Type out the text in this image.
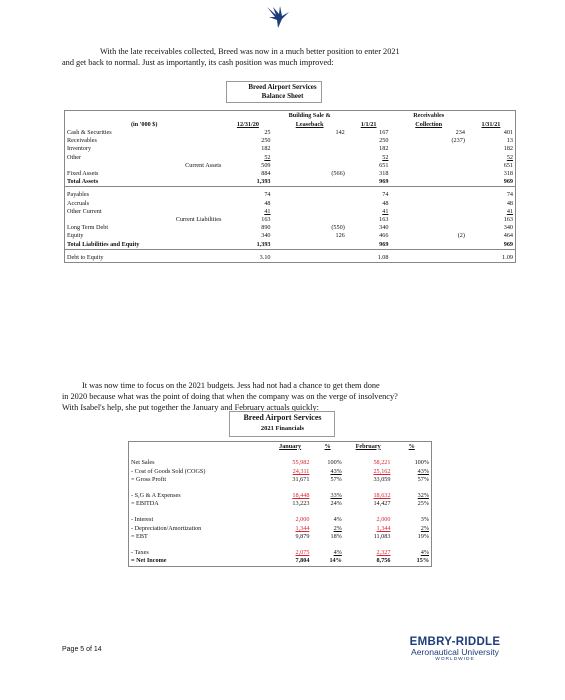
With the late receivables collected, Breed was now in a much better position to enter 2021
and get back to normal. Just as importantly, its cash position was much improved:

Breed Airport Services
Balance Sheet
		Building Sale &		Receivables	
(in '000 $)	12/31/20	Leaseback	1/1/21	Collection	1/31/21
Cash & Securities	25	142	167	234	401
Receivables	250		250	(237)	13
Inventory	182		182		182
Other	52		52		52
Current Assets	509		651		651
Fixed Assets	884	(566)	318		318
Total Assets	1,393		969		969

Payables	74		74		74
Accruals	48		48		48
Other Current	41		41		41
Current Liabilities	163		163		163
Long Term Debt	890	(550)	340		340
Equity	340	126	466	(2)	464
Total Liabilities and Equity	1,393		969		969

Debt to Equity	3.10		1.08		1.09

It was now time to focus on the 2021 budgets. Jess had not had a chance to get them done
in 2020 because what was the point of doing that when the company was on the verge of insolvency?
With Isabel's help, she put together the January and February actuals quickly:

Breed Airport Services
2021 Financials
	January	%	February	%

Net Sales	55,982	100%	58,221	100%
- Cost of Goods Sold (COGS)	24,311	43%	25,162	43%
= Gross Profit	31,671	57%	33,059	57%

- S,G & A Expenses	18,448	33%	18,632	32%
= EBITDA	13,223	24%	14,427	25%

- Interest	2,000	4%	2,000	3%
- Depreciation/Amortization	1,344	2%	1,344	2%
= EBT	9,879	18%	11,083	19%

- Taxes	2,075	4%	2,327	4%
= Net Income	7,804	14%	8,756	15%
Page 5 of 14
EMBRY-RIDDLE
Aeronautical University
WORLDWIDE
